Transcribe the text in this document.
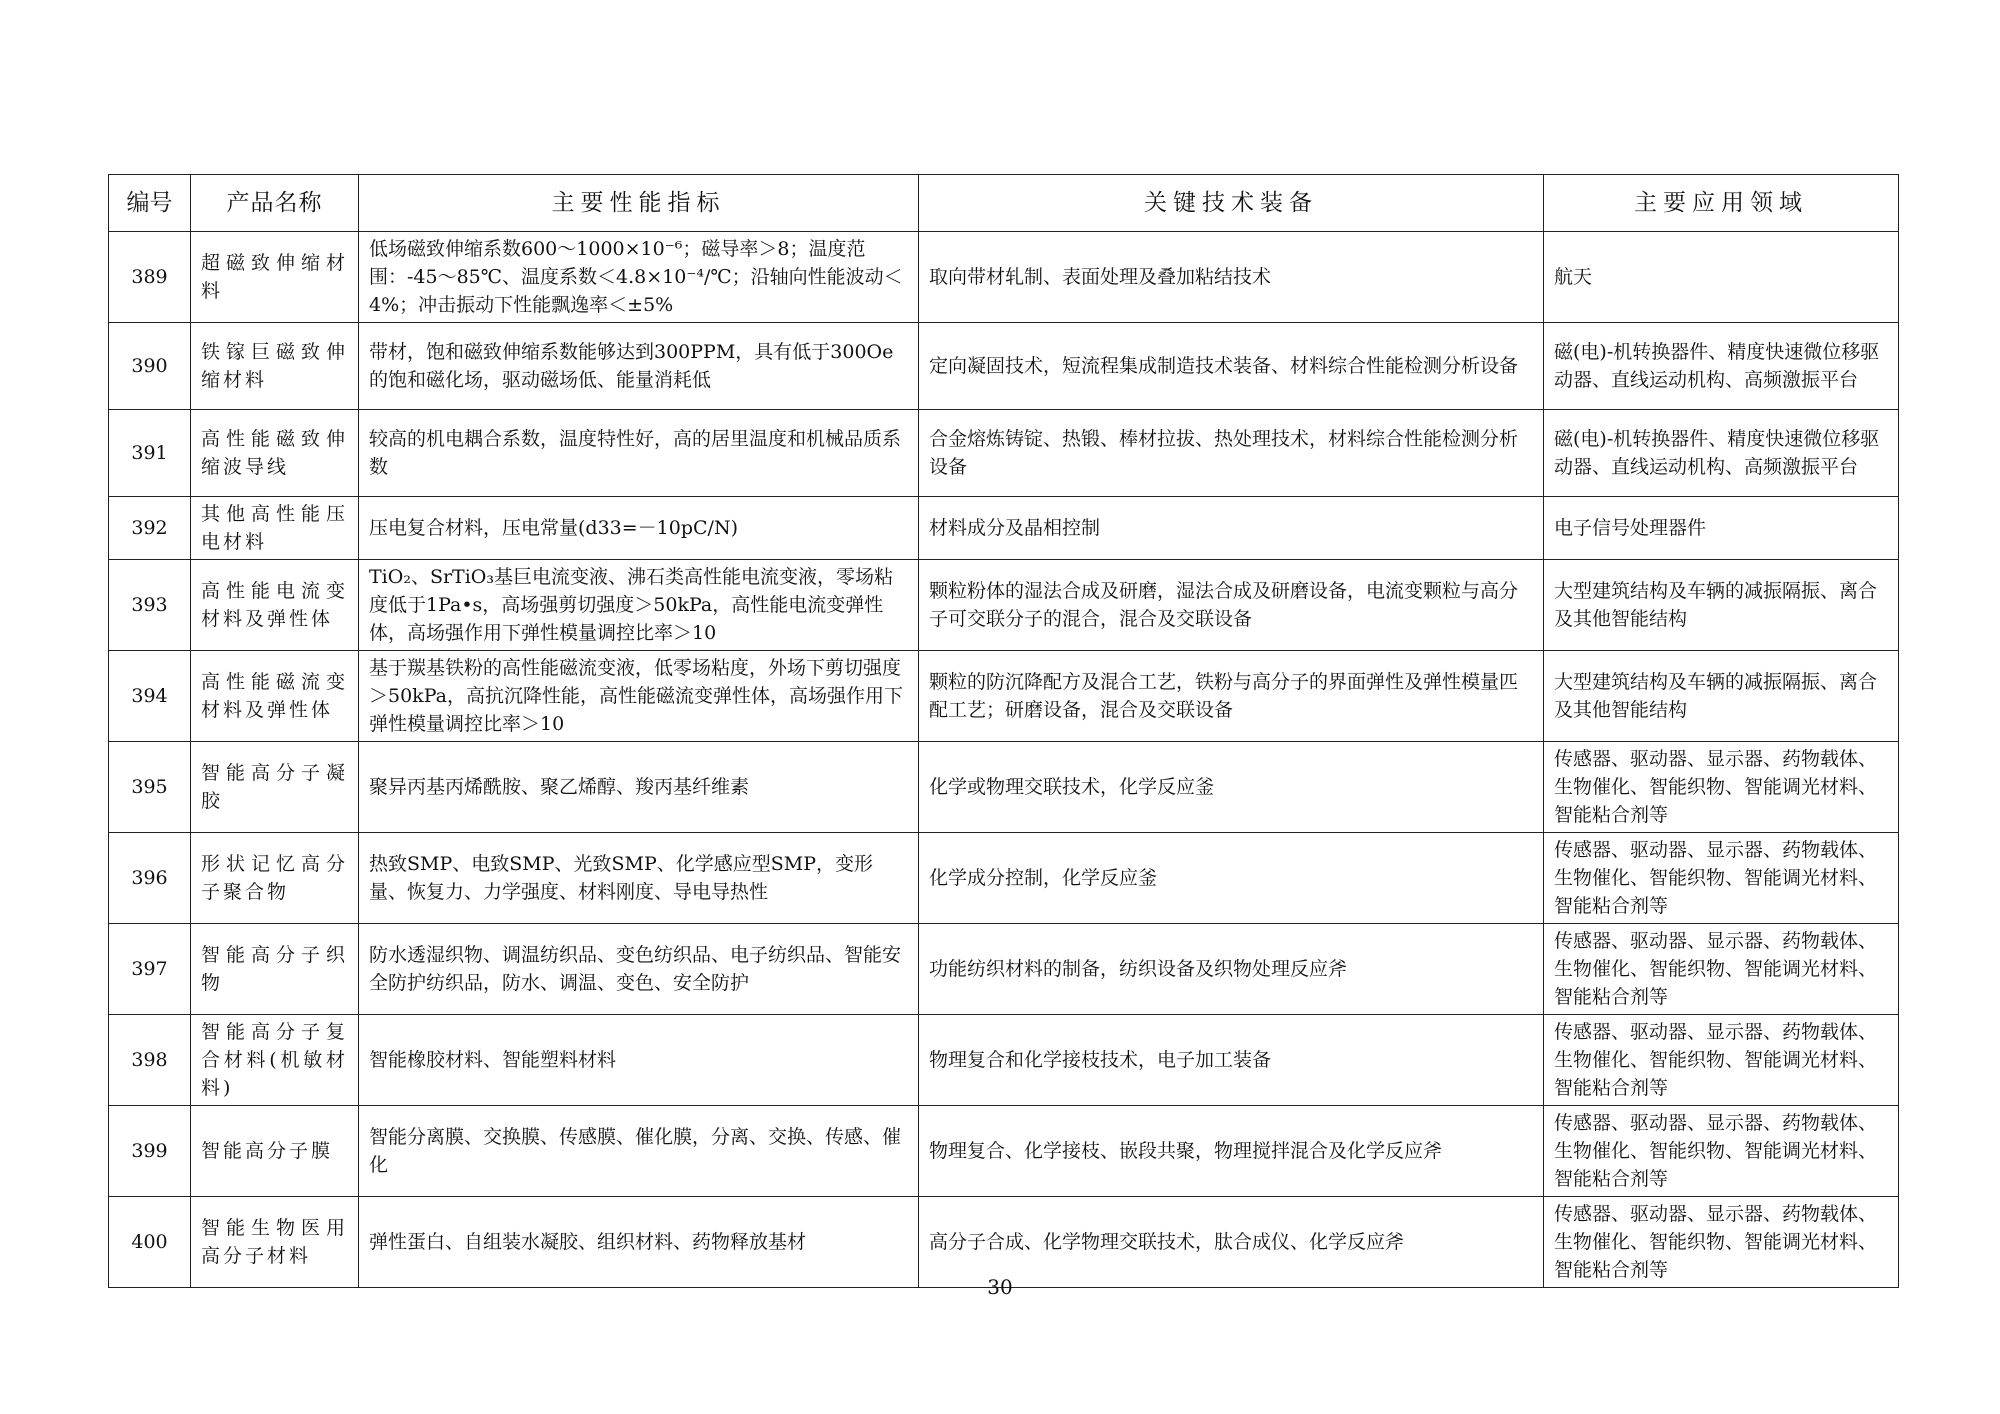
编号	产品名称	主要性能指标	关键技术装备	主要应用领域
389	超磁致伸缩材料	低场磁致伸缩系数600～1000×10⁻⁶；磁导率＞8；温度范围：-45～85℃、温度系数＜4.8×10⁻⁴/℃；沿轴向性能波动＜4%；冲击振动下性能飘逸率＜±5%	取向带材轧制、表面处理及叠加粘结技术	航天
390	铁镓巨磁致伸缩材料	带材，饱和磁致伸缩系数能够达到300PPM，具有低于300Oe的饱和磁化场，驱动磁场低、能量消耗低	定向凝固技术，短流程集成制造技术装备、材料综合性能检测分析设备	磁(电)-机转换器件、精度快速微位移驱动器、直线运动机构、高频激振平台
391	高性能磁致伸缩波导线	较高的机电耦合系数，温度特性好，高的居里温度和机械品质系数	合金熔炼铸锭、热锻、棒材拉拔、热处理技术，材料综合性能检测分析设备	磁(电)-机转换器件、精度快速微位移驱动器、直线运动机构、高频激振平台
392	其他高性能压电材料	压电复合材料，压电常量(d33=－10pC/N)	材料成分及晶相控制	电子信号处理器件
393	高性能电流变材料及弹性体	TiO₂、SrTiO₃基巨电流变液、沸石类高性能电流变液，零场粘度低于1Pa•s，高场强剪切强度＞50kPa，高性能电流变弹性体，高场强作用下弹性模量调控比率＞10	颗粒粉体的湿法合成及研磨，湿法合成及研磨设备，电流变颗粒与高分子可交联分子的混合，混合及交联设备	大型建筑结构及车辆的减振隔振、离合及其他智能结构
394	高性能磁流变材料及弹性体	基于羰基铁粉的高性能磁流变液，低零场粘度，外场下剪切强度＞50kPa，高抗沉降性能，高性能磁流变弹性体，高场强作用下弹性模量调控比率＞10	颗粒的防沉降配方及混合工艺，铁粉与高分子的界面弹性及弹性模量匹配工艺；研磨设备，混合及交联设备	大型建筑结构及车辆的减振隔振、离合及其他智能结构
395	智能高分子凝胶	聚异丙基丙烯酰胺、聚乙烯醇、羧丙基纤维素	化学或物理交联技术，化学反应釜	传感器、驱动器、显示器、药物载体、生物催化、智能织物、智能调光材料、智能粘合剂等
396	形状记忆高分子聚合物	热致SMP、电致SMP、光致SMP、化学感应型SMP，变形量、恢复力、力学强度、材料刚度、导电导热性	化学成分控制，化学反应釜	传感器、驱动器、显示器、药物载体、生物催化、智能织物、智能调光材料、智能粘合剂等
397	智能高分子织物	防水透湿织物、调温纺织品、变色纺织品、电子纺织品、智能安全防护纺织品，防水、调温、变色、安全防护	功能纺织材料的制备，纺织设备及织物处理反应斧	传感器、驱动器、显示器、药物载体、生物催化、智能织物、智能调光材料、智能粘合剂等
398	智能高分子复合材料(机敏材料)	智能橡胶材料、智能塑料材料	物理复合和化学接枝技术，电子加工装备	传感器、驱动器、显示器、药物载体、生物催化、智能织物、智能调光材料、智能粘合剂等
399	智能高分子膜	智能分离膜、交换膜、传感膜、催化膜，分离、交换、传感、催化	物理复合、化学接枝、嵌段共聚，物理搅拌混合及化学反应斧	传感器、驱动器、显示器、药物载体、生物催化、智能织物、智能调光材料、智能粘合剂等
400	智能生物医用高分子材料	弹性蛋白、自组装水凝胶、组织材料、药物释放基材	高分子合成、化学物理交联技术，肽合成仪、化学反应斧	传感器、驱动器、显示器、药物载体、生物催化、智能织物、智能调光材料、智能粘合剂等
30
